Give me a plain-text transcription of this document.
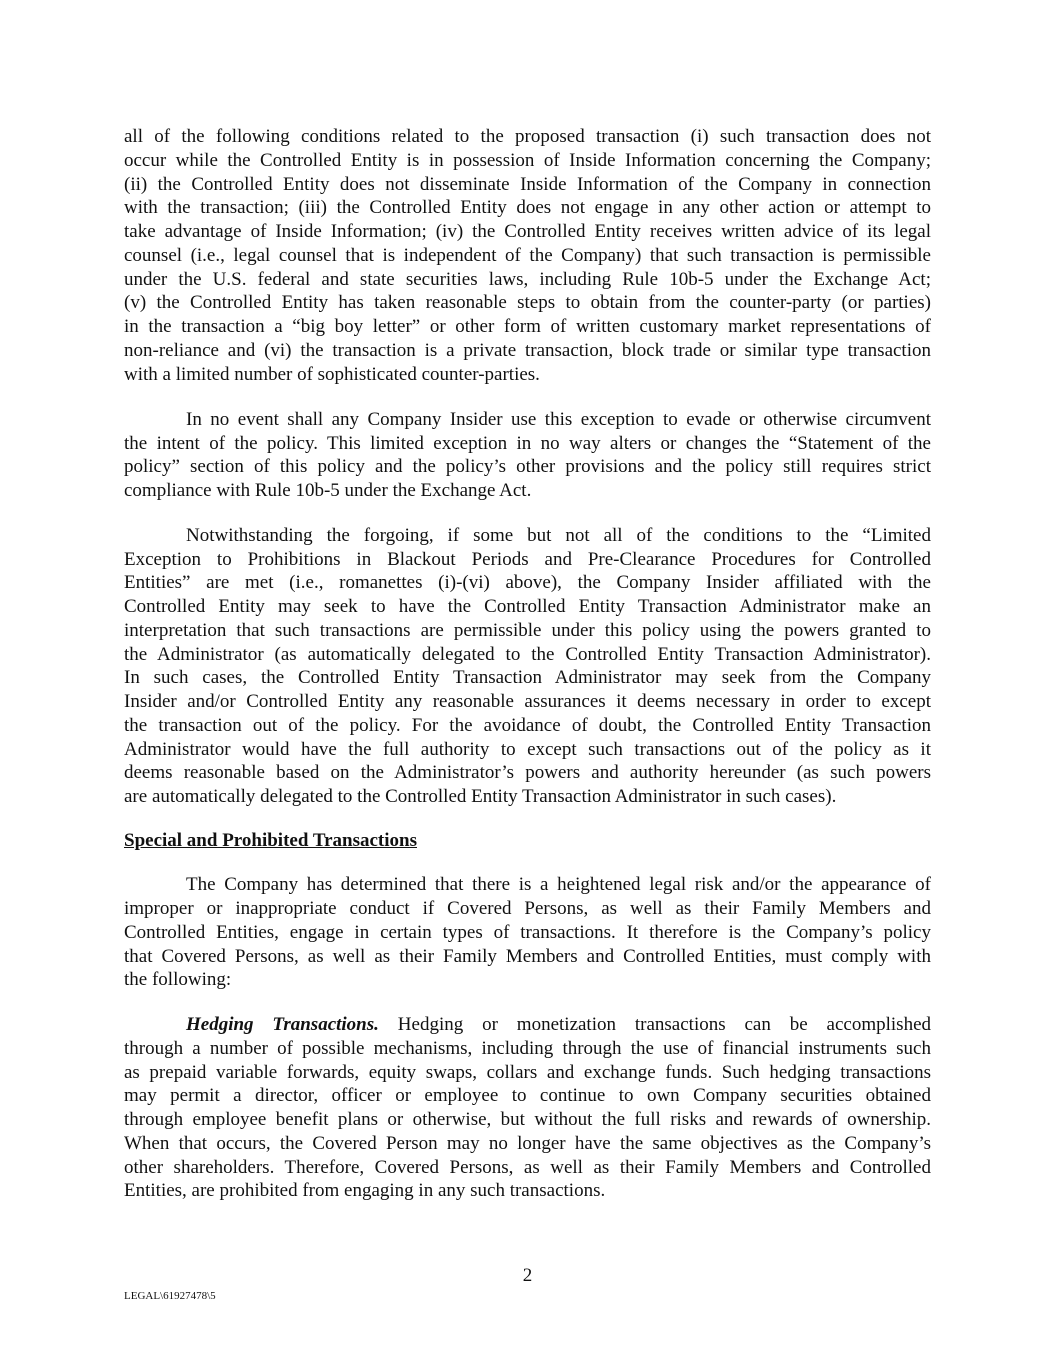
all of the following conditions related to the proposed transaction (i) such transaction does not
occur while the Controlled Entity is in possession of Inside Information concerning the Company;
(ii) the Controlled Entity does not disseminate Inside Information of the Company in connection
with the transaction; (iii) the Controlled Entity does not engage in any other action or attempt to
take advantage of Inside Information; (iv) the Controlled Entity receives written advice of its legal
counsel (i.e., legal counsel that is independent of the Company) that such transaction is permissible
under the U.S. federal and state securities laws, including Rule 10b-5 under the Exchange Act;
(v) the Controlled Entity has taken reasonable steps to obtain from the counter-party (or parties)
in the transaction a “big boy letter” or other form of written customary market representations of
non-reliance and (vi) the transaction is a private transaction, block trade or similar type transaction
with a limited number of sophisticated counter-parties.
In no event shall any Company Insider use this exception to evade or otherwise circumvent
the intent of the policy. This limited exception in no way alters or changes the “Statement of the
policy” section of this policy and the policy’s other provisions and the policy still requires strict
compliance with Rule 10b-5 under the Exchange Act.
Notwithstanding the forgoing, if some but not all of the conditions to the “Limited
Exception to Prohibitions in Blackout Periods and Pre-Clearance Procedures for Controlled
Entities” are met (i.e., romanettes (i)-(vi) above), the Company Insider affiliated with the
Controlled Entity may seek to have the Controlled Entity Transaction Administrator make an
interpretation that such transactions are permissible under this policy using the powers granted to
the Administrator (as automatically delegated to the Controlled Entity Transaction Administrator).
In such cases, the Controlled Entity Transaction Administrator may seek from the Company
Insider and/or Controlled Entity any reasonable assurances it deems necessary in order to except
the transaction out of the policy. For the avoidance of doubt, the Controlled Entity Transaction
Administrator would have the full authority to except such transactions out of the policy as it
deems reasonable based on the Administrator’s powers and authority hereunder (as such powers
are automatically delegated to the Controlled Entity Transaction Administrator in such cases).
Special and Prohibited Transactions
The Company has determined that there is a heightened legal risk and/or the appearance of
improper or inappropriate conduct if Covered Persons, as well as their Family Members and
Controlled Entities, engage in certain types of transactions. It therefore is the Company’s policy
that Covered Persons, as well as their Family Members and Controlled Entities, must comply with
the following:
Hedging Transactions. Hedging or monetization transactions can be accomplished
through a number of possible mechanisms, including through the use of financial instruments such
as prepaid variable forwards, equity swaps, collars and exchange funds. Such hedging transactions
may permit a director, officer or employee to continue to own Company securities obtained
through employee benefit plans or otherwise, but without the full risks and rewards of ownership.
When that occurs, the Covered Person may no longer have the same objectives as the Company’s
other shareholders. Therefore, Covered Persons, as well as their Family Members and Controlled
Entities, are prohibited from engaging in any such transactions.
2
LEGAL\61927478\5
